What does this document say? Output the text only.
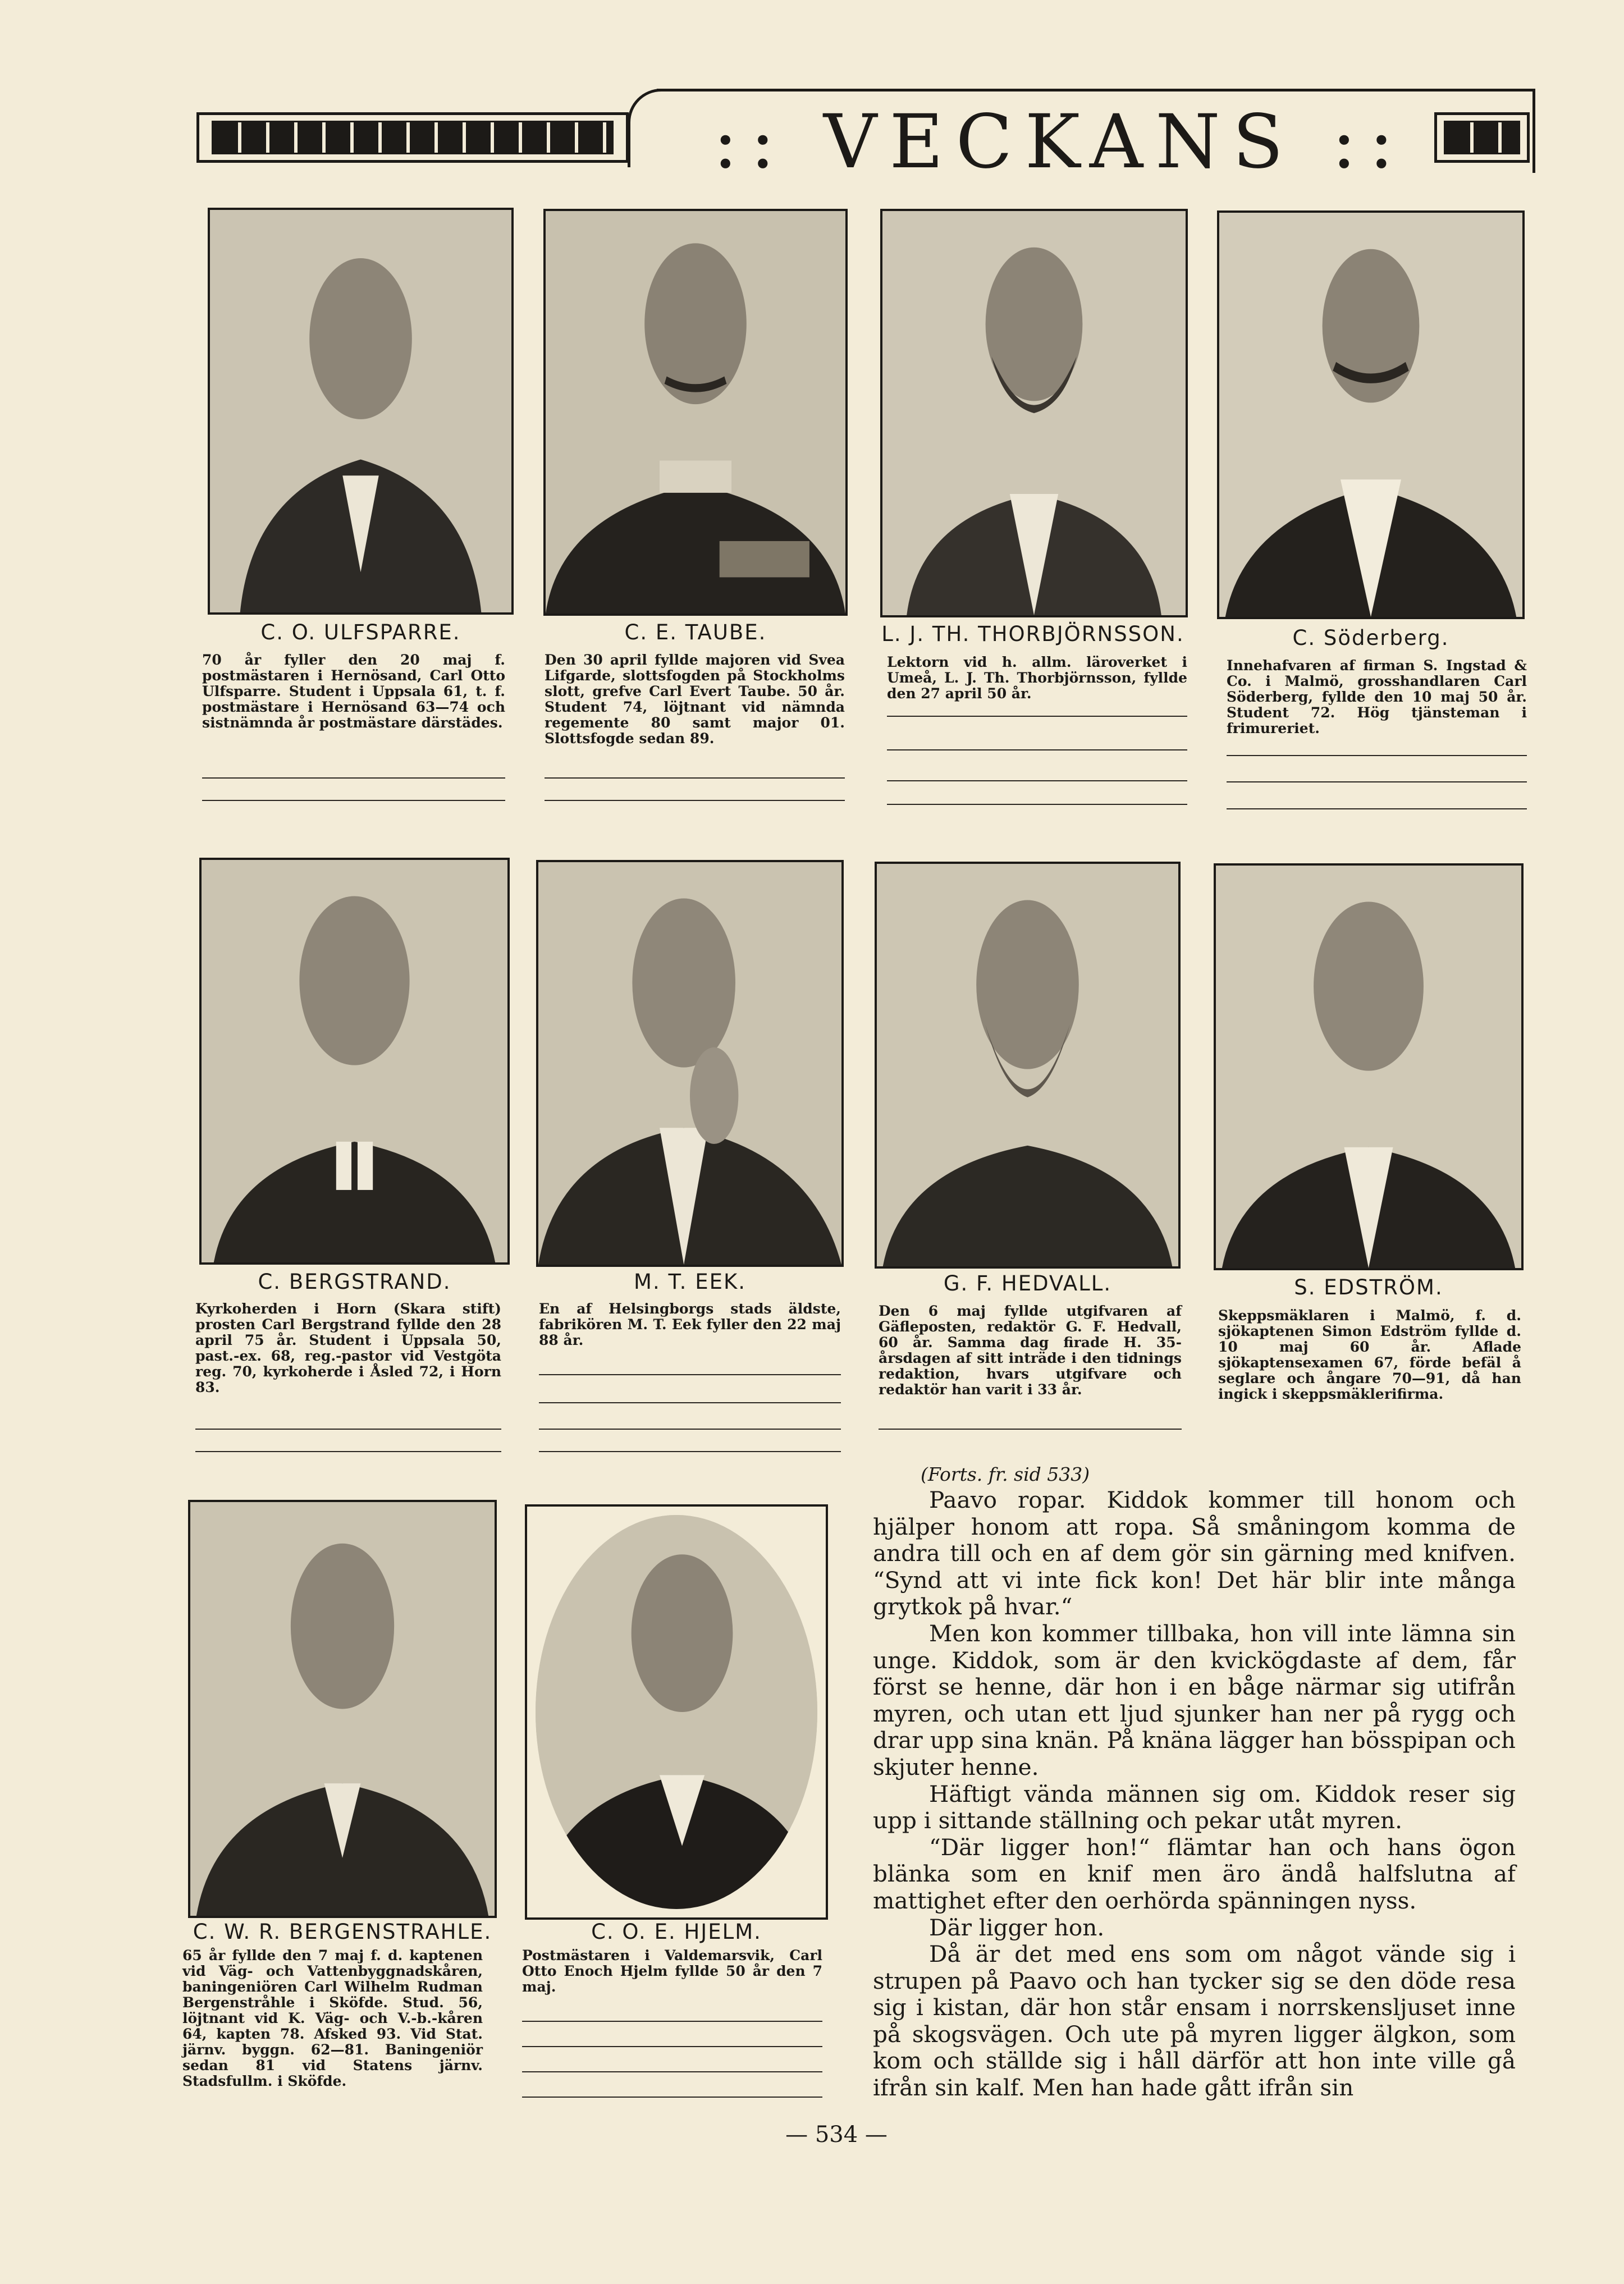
:: VECKANS ::
C. O. ULFSPARRE.
70 år fyller den 20 maj f. postmästaren i Hernösand, Carl Otto Ulfsparre. Student i Uppsala 61, t. f. postmästare i Hernösand 63—74 och sistnämnda år postmästare därstädes.
C. E. TAUBE.
Den 30 april fyllde majoren vid Svea Lifgarde, slottsfogden på Stockholms slott, grefve Carl Evert Taube. 50 år. Student 74, löjtnant vid nämnda regemente 80 samt major 01. Slottsfogde sedan 89.
L. J. TH. THORBJÖRNSSON.
Lektorn vid h. allm. läroverket i Umeå, L. J. Th. Thorbjörnsson, fyllde den 27 april 50 år.
C. Söderberg.
Innehafvaren af firman S. Ingstad & Co. i Malmö, grosshandlaren Carl Söderberg, fyllde den 10 maj 50 år. Student 72. Hög tjänsteman i frimureriet.
C. BERGSTRAND.
Kyrkoherden i Horn (Skara stift) prosten Carl Bergstrand fyllde den 28 april 75 år. Student i Uppsala 50, past.-ex. 68, reg.-pastor vid Vestgöta reg. 70, kyrkoherde i Åsled 72, i Horn 83.
M. T. EEK.
En af Helsingborgs stads äldste, fabrikören M. T. Eek fyller den 22 maj 88 år.
G. F. HEDVALL.
Den 6 maj fyllde utgifvaren af Gäfleposten, redaktör G. F. Hedvall, 60 år. Samma dag firade H. 35-årsdagen af sitt inträde i den tidnings redaktion, hvars utgifvare och redaktör han varit i 33 år.
S. EDSTRÖM.
Skeppsmäklaren i Malmö, f. d. sjökaptenen Simon Edström fyllde d. 10 maj 60 år. Aflade sjökaptensexamen 67, förde befäl å seglare och ångare 70—91, då han ingick i skeppsmäklerifirma.
C. W. R. BERGENSTRAHLE.
65 år fyllde den 7 maj f. d. kaptenen vid Väg- och Vattenbyggnadskåren, baningeniören Carl Wilhelm Rudman Bergenstråhle i Sköfde. Stud. 56, löjtnant vid K. Väg- och V.-b.-kåren 64, kapten 78. Afsked 93. Vid Stat. järnv. byggn. 62—81. Baningeniör sedan 81 vid Statens järnv. Stadsfullm. i Sköfde.
C. O. E. HJELM.
Postmästaren i Valdemarsvik, Carl Otto Enoch Hjelm fyllde 50 år den 7 maj.
(Forts. fr. sid 533)

Paavo ropar. Kiddok kommer till honom och hjälper honom att ropa. Så småningom komma de andra till och en af dem gör sin gärning med knifven. “Synd att vi inte fick kon! Det här blir inte många grytkok på hvar.“

Men kon kommer tillbaka, hon vill inte lämna sin unge. Kiddok, som är den kvickögdaste af dem, får först se henne, där hon i en båge närmar sig utifrån myren, och utan ett ljud sjunker han ner på rygg och drar upp sina knän. På knäna lägger han bösspipan och skjuter henne.

Häftigt vända männen sig om. Kiddok reser sig upp i sittande ställning och pekar utåt myren.

“Där ligger hon!“ flämtar han och hans ögon blänka som en knif men äro ändå halfslutna af mattighet efter den oerhörda spänningen nyss.

Där ligger hon.

Då är det med ens som om något vände sig i strupen på Paavo och han tycker sig se den döde resa sig i kistan, där hon står ensam i norrskensljuset inne på skogsvägen. Och ute på myren ligger älgkon, som kom och ställde sig i håll därför att hon inte ville gå ifrån sin kalf. Men han hade gått ifrån sin

— 534 —
